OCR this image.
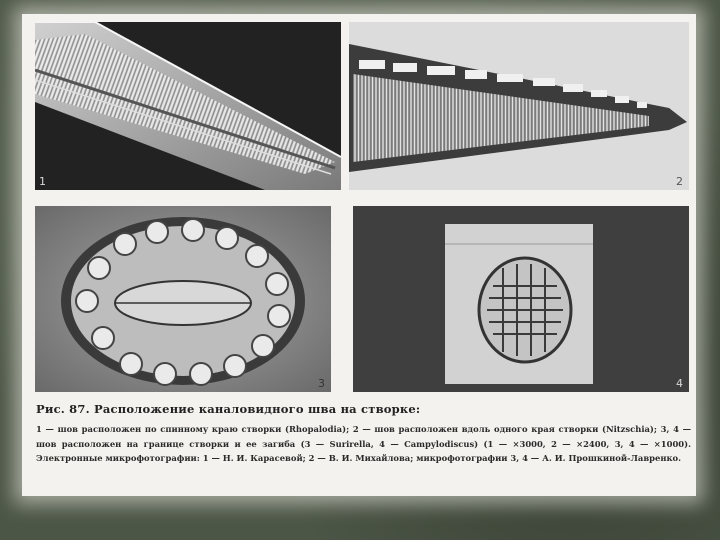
1	2
3	4
Рис. 87. Расположение каналовидного шва на створке:
1 — шов расположен по спинному краю створки (Rhopalodia); 2 — шов расположен вдоль одного края створки (Nitzschia); 3, 4 — шов расположен на границе створки и ее загиба (3 — Surirella, 4 — Campylodiscus) (1 — ×3000, 2 — ×2400, 3, 4 — ×1000). Электронные микрофотографии: 1 — Н. И. Карасевой; 2 — В. И. Михайлова; микрофотографии 3, 4 — А. И. Прошкиной-Лавренко.
